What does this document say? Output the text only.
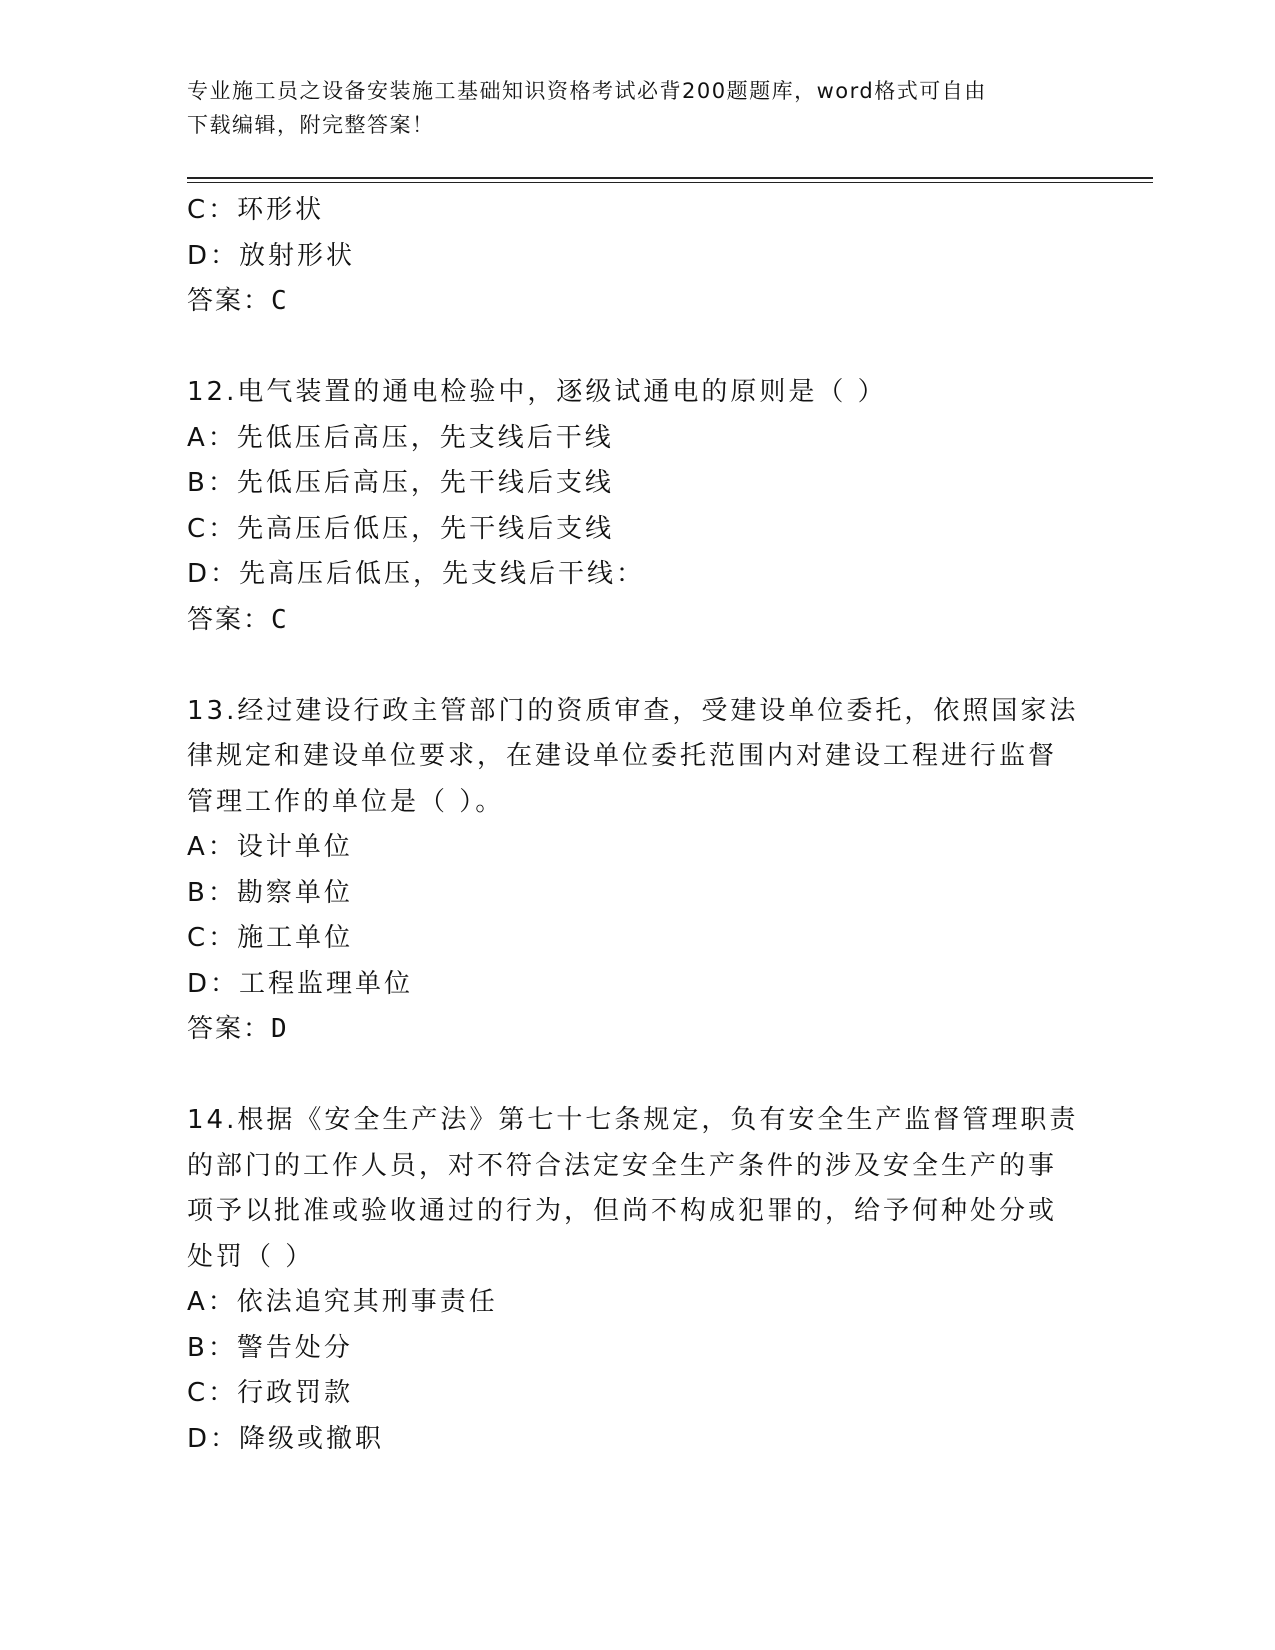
专业施工员之设备安装施工基础知识资格考试必背200题题库，word格式可自由
下载编辑，附完整答案！
C：环形状
D：放射形状
答案：C
12.电气装置的通电检验中，逐级试通电的原则是（ ）
A：先低压后高压，先支线后干线
B：先低压后高压，先干线后支线
C：先高压后低压，先干线后支线
D：先高压后低压，先支线后干线：
答案：C
13.经过建设行政主管部门的资质审查，受建设单位委托，依照国家法
律规定和建设单位要求，在建设单位委托范围内对建设工程进行监督
管理工作的单位是（ ）。
A：设计单位
B：勘察单位
C：施工单位
D：工程监理单位
答案：D
14.根据《安全生产法》第七十七条规定，负有安全生产监督管理职责
的部门的工作人员，对不符合法定安全生产条件的涉及安全生产的事
项予以批准或验收通过的行为，但尚不构成犯罪的，给予何种处分或
处罚（ ）
A：依法追究其刑事责任
B：警告处分
C：行政罚款
D：降级或撤职
